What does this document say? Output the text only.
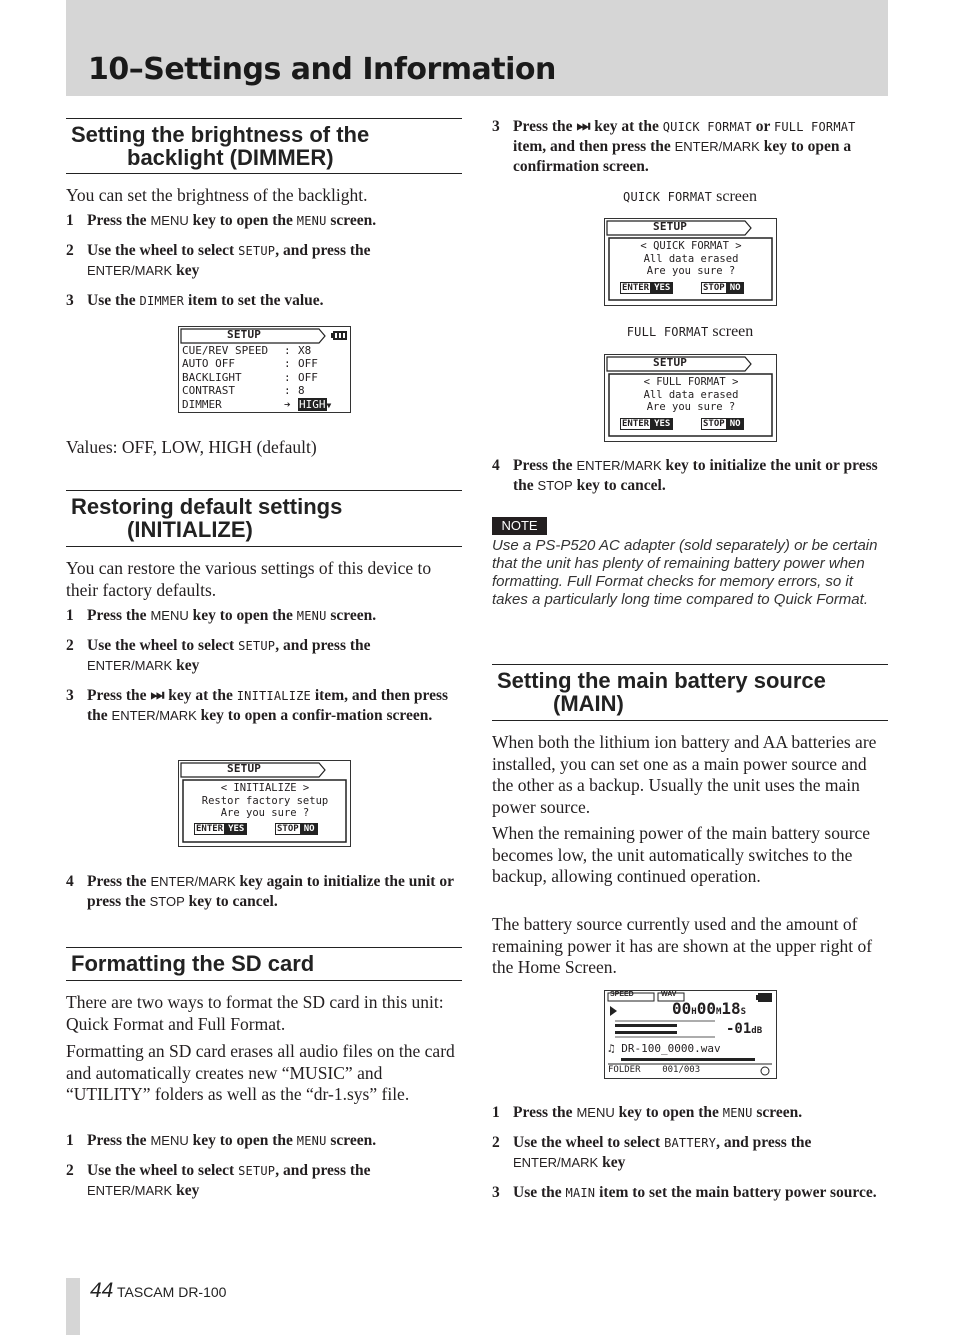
10–Settings and Information
Setting the brightness of the
backlight (DIMMER)
You can set the brightness of the backlight.
1 Press the MENU key to open the MENU screen.
2 Use the wheel to select SETUP, and press the
ENTER/MARK key
3 Use the DIMMER item to set the value.
SETUP
CUE/REV SPEED : X8
AUTO OFF	: OFF
BACKLIGHT	: OFF
CONTRAST	: 8
DIMMER	➔ HIGH▼
Values: OFF, LOW, HIGH (default)
Restoring default settings
(INITIALIZE)
You can restore the various settings of this device to their factory defaults.
1 Press the MENU key to open the MENU screen.
2 Use the wheel to select SETUP, and press the
ENTER/MARK key
3 Press the ⏭ key at the INITIALIZE item, and then press the ENTER/MARK key to open a confir-mation screen.
SETUP
< INITIALIZE >
Restor factory setup
Are you sure ?
ENTER YES	STOP NO
4 Press the ENTER/MARK key again to initialize the unit or press the STOP key to cancel.
Formatting the SD card
There are two ways to format the SD card in this unit: Quick Format and Full Format.
Formatting an SD card erases all audio files on the card and automatically creates new “MUSIC” and “UTILITY” folders as well as the “dr-1.sys” file.
1 Press the MENU key to open the MENU screen.
2 Use the wheel to select SETUP, and press the
ENTER/MARK key
3 Press the ⏭ key at the QUICK FORMAT or FULL FORMAT item, and then press the ENTER/MARK key to open a confirmation screen.
QUICK FORMAT screen
SETUP
< QUICK FORMAT >
All data erased
Are you sure ?
ENTER YES	STOP NO
FULL FORMAT screen
SETUP
< FULL FORMAT >
All data erased
Are you sure ?
ENTER YES	STOP NO
4 Press the ENTER/MARK key to initialize the unit or press the STOP key to cancel.
NOTE
Use a PS-P520 AC adapter (sold separately) or be certain that the unit has plenty of remaining battery power when formatting. Full Format checks for memory errors, so it takes a particularly long time compared to Quick Format.
Setting the main battery source
(MAIN)
When both the lithium ion battery and AA batteries are installed, you can set one as a main power source and the other as a backup. Usually the unit uses the main power source.
When the remaining power of the main battery source becomes low, the unit automatically switches to the backup, allowing continued operation.
The battery source currently used and the amount of remaining power it has are shown at the upper right of the Home Screen.
SPEED	WAV
00H00M18S
-01dB
♫ DR-100_0000.wav
FOLDER 001/003
1 Press the MENU key to open the MENU screen.
2 Use the wheel to select BATTERY, and press the
ENTER/MARK key
3 Use the MAIN item to set the main battery power source.
44 TASCAM DR-100
